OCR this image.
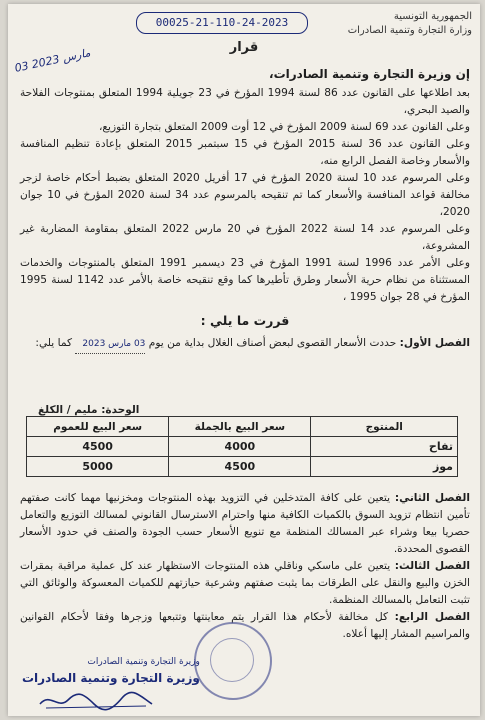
الجمهورية التونسية
وزارة التجارة وتنمية الصادرات
00025-21-110-24-2023
03 مارس 2023	قرار

إن وزيرة التجارة وتنمية الصادرات،

بعد اطلاعها على القانون عدد 86 لسنة 1994 المؤرخ في 23 جويلية 1994 المتعلق بمنتوجات الفلاحة والصيد البحري،

وعلى القانون عدد 69 لسنة 2009 المؤرخ في 12 أوت 2009 المتعلق بتجارة التوزيع،

وعلى القانون عدد 36 لسنة 2015 المؤرخ في 15 سبتمبر 2015 المتعلق بإعادة تنظيم المنافسة والأسعار وخاصة الفصل الرابع منه،

وعلى المرسوم عدد 10 لسنة 2020 المؤرخ في 17 أفريل 2020 المتعلق بضبط أحكام خاصة لزجر مخالفة قواعد المنافسة والأسعار كما تم تنقيحه بالمرسوم عدد 34 لسنة 2020 المؤرخ في 10 جوان 2020،

وعلى المرسوم عدد 14 لسنة 2022 المؤرخ في 20 مارس 2022 المتعلق بمقاومة المضاربة غير المشروعة،

وعلى الأمر عدد 1996 لسنة 1991 المؤرخ في 23 ديسمبر 1991 المتعلق بالمنتوجات والخدمات المستثناة من نظام حرية الأسعار وطرق تأطيرها كما وقع تنقيحه خاصة بالأمر عدد 1142 لسنة 1995 المؤرخ في 28 جوان 1995 ،

قررت ما يلي :

الفصل الأول: حددت الأسعار القصوى لبعض أصناف الغلال بداية من يوم 03 مارس 2023 كما يلي:

الوحدة: مليم / الكلغ
المنتوج	سعر البيع بالجملة	سعر البيع للعموم
تفاح	4000	4500
موز	4500	5000

الفصل الثاني: يتعين على كافة المتدخلين في التزويد بهذه المنتوجات ومخزنيها مهما كانت صفتهم تأمين انتظام تزويد السوق بالكميات الكافية منها واحترام الاسترسال القانوني لمسالك التوزيع والتعامل حصريا بيعا وشراء عبر المسالك المنظمة مع تنويع الأسعار حسب الجودة والصنف في حدود الأسعار القصوى المحددة.

الفصل الثالث: يتعين على ماسكي وناقلي هذه المنتوجات الاستظهار عند كل عملية مراقبة بمقرات الخزن والبيع والنقل على الطرقات بما يثبت صفتهم وشرعية حيازتهم للكميات المعسوكة والوثائق التي تثبت التعامل بالمسالك المنظمة.

الفصل الرابع: كل مخالفة لأحكام هذا القرار يتم معاينتها وتتبعها وزجرها وفقا لأحكام القوانين والمراسيم المشار إليها أعلاه.

وزيرة التجارة وتنمية الصادرات
وزيرة التجارة وتنمية الصادرات
